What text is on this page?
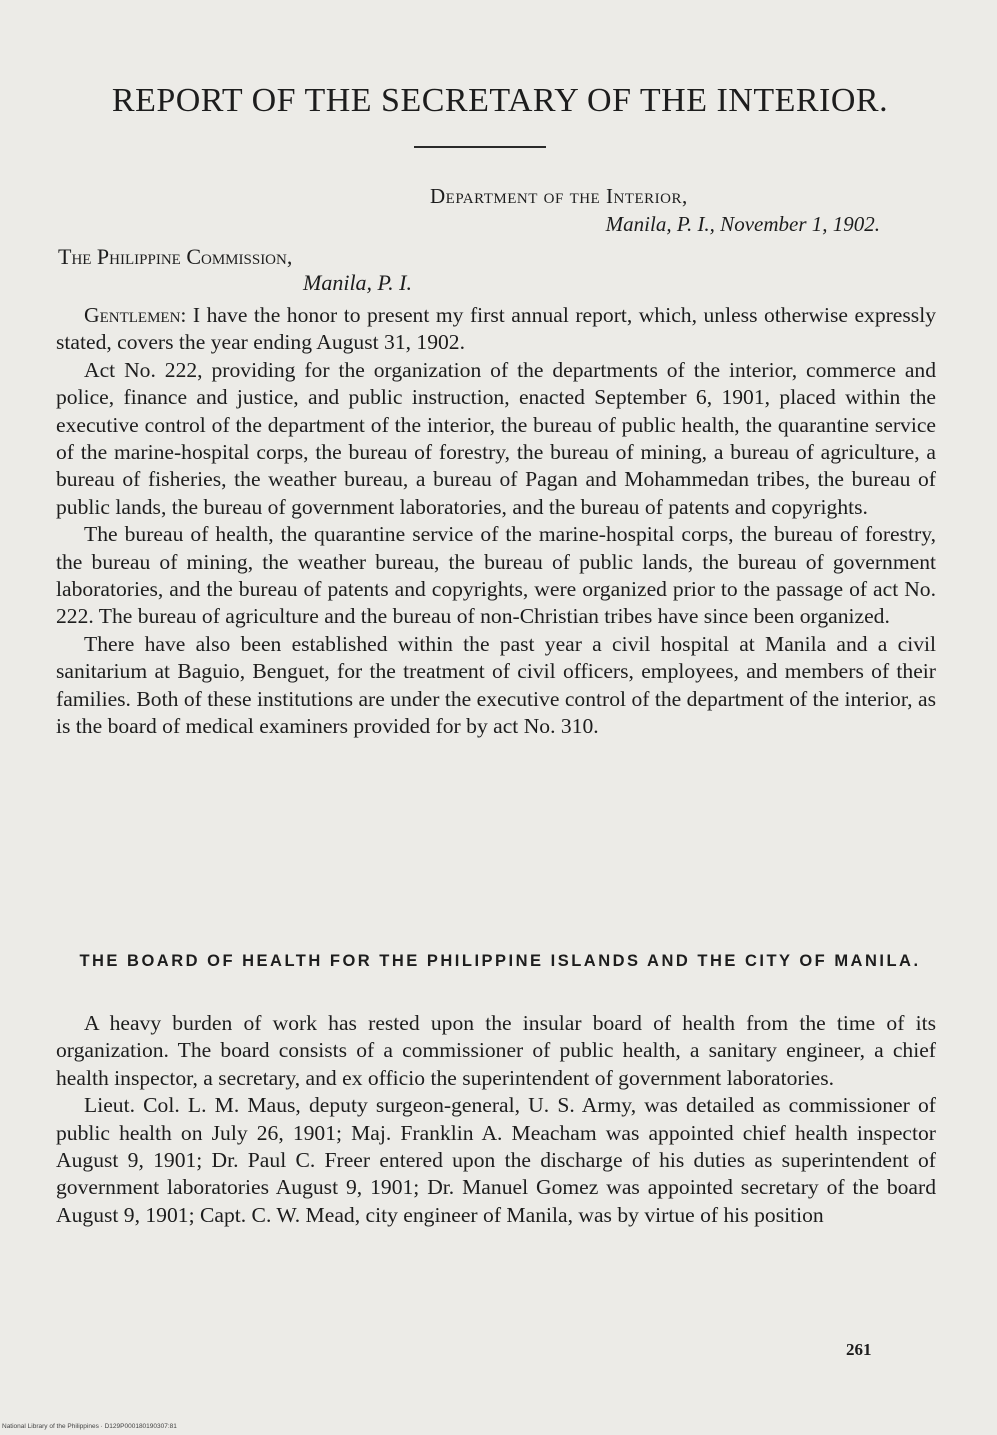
REPORT OF THE SECRETARY OF THE INTERIOR.
Department of the Interior,
Manila, P. I., November 1, 1902.
The Philippine Commission,
Manila, P. I.

Gentlemen: I have the honor to present my first annual report, which, unless otherwise expressly stated, covers the year ending August 31, 1902.

Act No. 222, providing for the organization of the departments of the interior, commerce and police, finance and justice, and public instruction, enacted September 6, 1901, placed within the executive control of the department of the interior, the bureau of public health, the quarantine service of the marine-hospital corps, the bureau of forestry, the bureau of mining, a bureau of agriculture, a bureau of fisheries, the weather bureau, a bureau of Pagan and Mohammedan tribes, the bureau of public lands, the bureau of government laboratories, and the bureau of patents and copyrights.

The bureau of health, the quarantine service of the marine-hospital corps, the bureau of forestry, the bureau of mining, the weather bureau, the bureau of public lands, the bureau of government laboratories, and the bureau of patents and copyrights, were organized prior to the passage of act No. 222. The bureau of agriculture and the bureau of non-Christian tribes have since been organized.

There have also been established within the past year a civil hospital at Manila and a civil sanitarium at Baguio, Benguet, for the treatment of civil officers, employees, and members of their families. Both of these institutions are under the executive control of the department of the interior, as is the board of medical examiners provided for by act No. 310.

THE BOARD OF HEALTH FOR THE PHILIPPINE ISLANDS AND THE CITY OF MANILA.

A heavy burden of work has rested upon the insular board of health from the time of its organization. The board consists of a commissioner of public health, a sanitary engineer, a chief health inspector, a secretary, and ex officio the superintendent of government laboratories.

Lieut. Col. L. M. Maus, deputy surgeon-general, U. S. Army, was detailed as commissioner of public health on July 26, 1901; Maj. Franklin A. Meacham was appointed chief health inspector August 9, 1901; Dr. Paul C. Freer entered upon the discharge of his duties as superintendent of government laboratories August 9, 1901; Dr. Manuel Gomez was appointed secretary of the board August 9, 1901; Capt. C. W. Mead, city engineer of Manila, was by virtue of his position

261
National Library of the Philippines · D129P000180190307:81
